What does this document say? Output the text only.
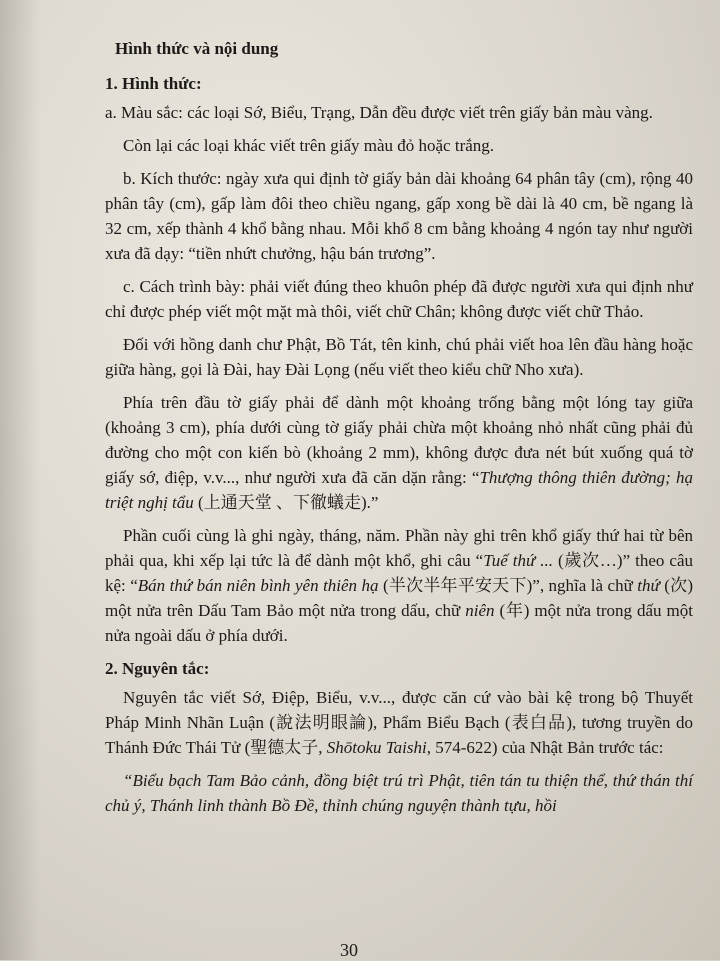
Hình thức và nội dung
1. Hình thức:

a. Màu sắc: các loại Sớ, Biểu, Trạng, Dẫn đều được viết trên giấy bản màu vàng.

Còn lại các loại khác viết trên giấy màu đỏ hoặc trắng.

b. Kích thước: ngày xưa qui định tờ giấy bản dài khoảng 64 phân tây (cm), rộng 40 phân tây (cm), gấp làm đôi theo chiều ngang, gấp xong bề dài là 40 cm, bề ngang là 32 cm, xếp thành 4 khổ bằng nhau. Mỗi khổ 8 cm bằng khoảng 4 ngón tay như người xưa đã dạy: “tiền nhứt chưởng, hậu bán trương”.

c. Cách trình bày: phải viết đúng theo khuôn phép đã được người xưa qui định như chỉ được phép viết một mặt mà thôi, viết chữ Chân; không được viết chữ Thảo.

Đối với hồng danh chư Phật, Bồ Tát, tên kinh, chú phải viết hoa lên đầu hàng hoặc giữa hàng, gọi là Đài, hay Đài Lọng (nếu viết theo kiểu chữ Nho xưa).

Phía trên đầu tờ giấy phải để dành một khoảng trống bằng một lóng tay giữa (khoảng 3 cm), phía dưới cùng tờ giấy phải chừa một khoảng nhỏ nhất cũng phải đủ đường cho một con kiến bò (khoảng 2 mm), không được đưa nét bút xuống quá tờ giấy sớ, điệp, v.v..., như người xưa đã căn dặn rằng: “Thượng thông thiên đường; hạ triệt nghị tẩu (上通天堂 、下徹蟻走).”

Phần cuối cùng là ghi ngày, tháng, năm. Phần này ghi trên khổ giấy thứ hai từ bên phải qua, khi xếp lại tức là để dành một khổ, ghi câu “Tuế thứ ... (歲次…)” theo câu kệ: “Bán thứ bán niên bình yên thiên hạ (半次半年平安天下)”, nghĩa là chữ thứ (次) một nửa trên Dấu Tam Bảo một nửa trong dấu, chữ niên (年) một nửa trong dấu một nửa ngoài dấu ở phía dưới.

2. Nguyên tắc:

Nguyên tắc viết Sớ, Điệp, Biểu, v.v..., được căn cứ vào bài kệ trong bộ Thuyết Pháp Minh Nhãn Luận (說法明眼論), Phẩm Biểu Bạch (表白品), tương truyền do Thánh Đức Thái Tử (聖德太子, Shōtoku Taishi, 574-622) của Nhật Bản trước tác:

“Biểu bạch Tam Bảo cảnh, đồng biệt trú trì Phật, tiên tán tu thiện thể, thứ thán thí chủ ý, Thánh linh thành Bồ Đề, thỉnh chúng nguyện thành tựu, hồi

30
